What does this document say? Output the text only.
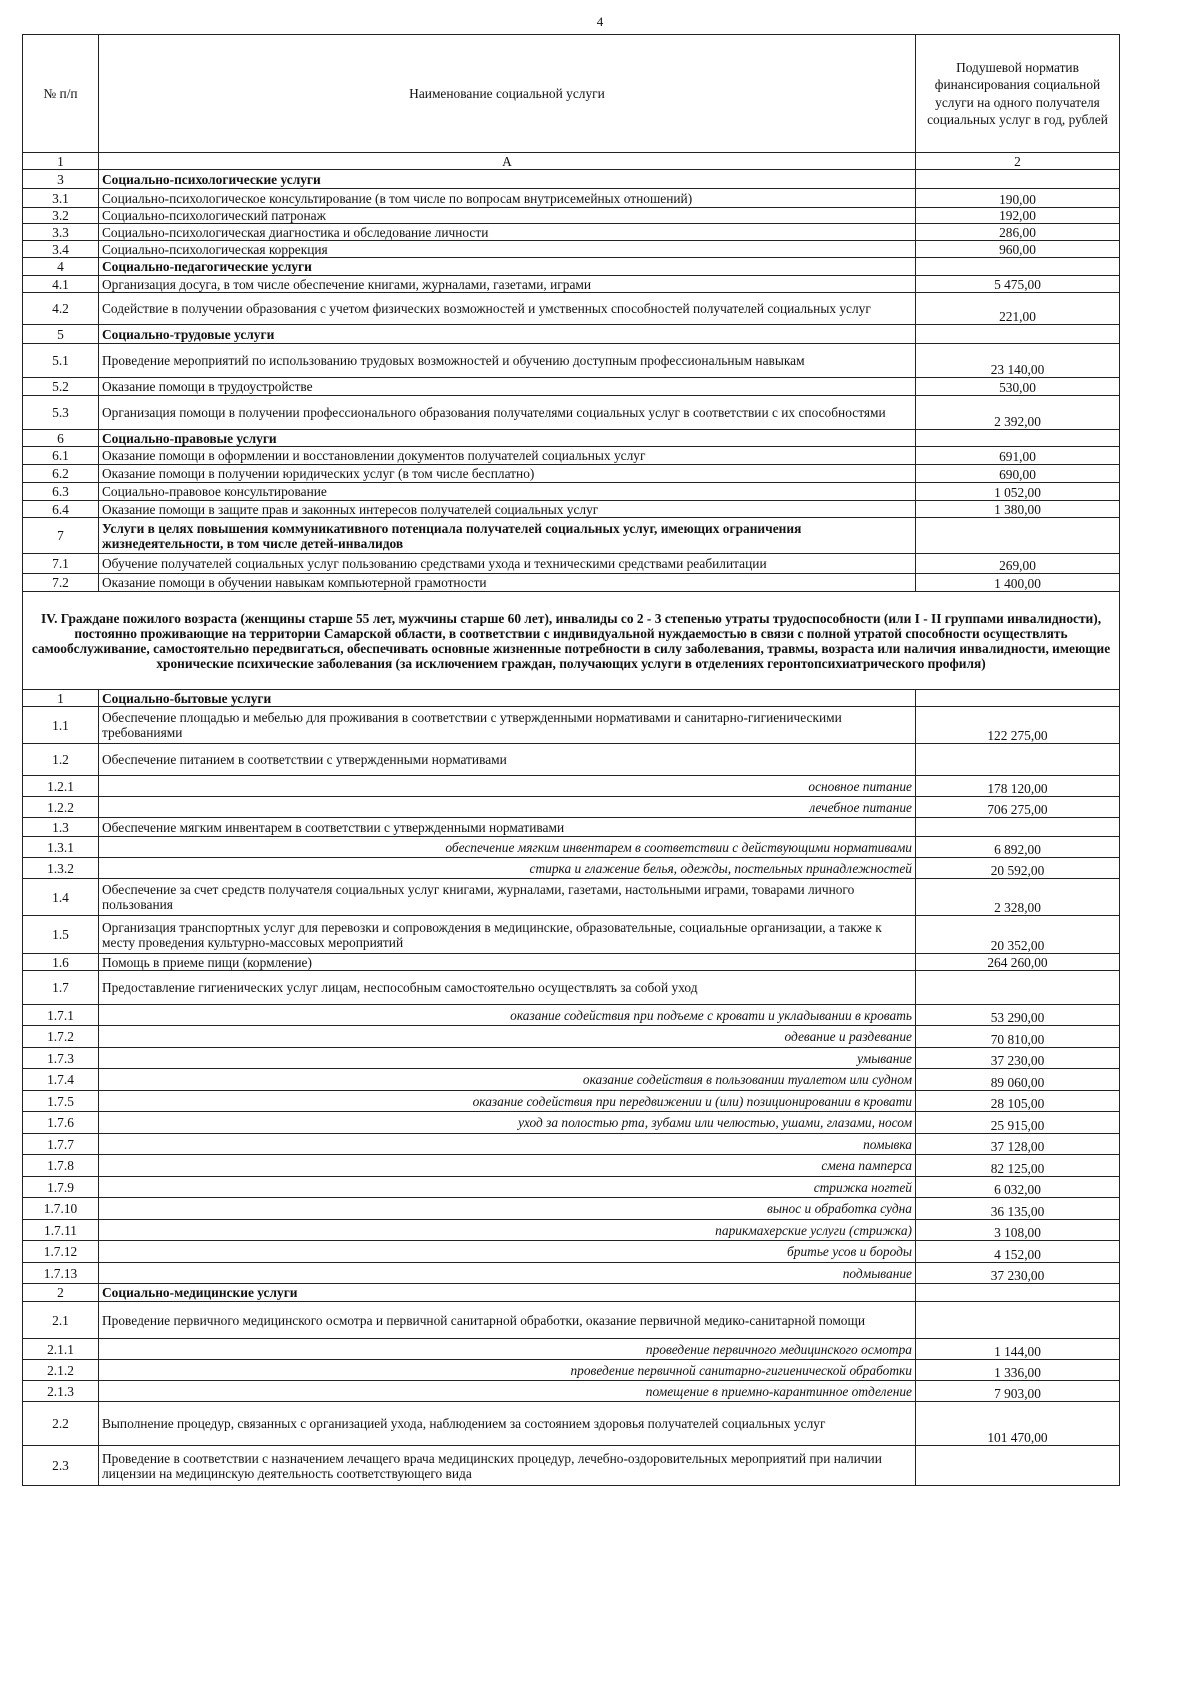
4
№ п/п	Наименование социальной услуги	Подушевой норматив финансирования социальной услуги на одного получателя социальных услуг в год, рублей
1	А	2
3	Социально-психологические услуги	
3.1	Социально-психологическое консультирование (в том числе по вопросам внутрисемейных отношений)	190,00
3.2	Социально-психологический патронаж	192,00
3.3	Социально-психологическая диагностика и обследование личности	286,00
3.4	Социально-психологическая коррекция	960,00
4	Социально-педагогические услуги	
4.1	Организация досуга, в том числе обеспечение книгами, журналами, газетами, играми	5 475,00
4.2	Содействие в получении образования с учетом физических возможностей и умственных способностей получателей социальных услуг	221,00
5	Социально-трудовые услуги	
5.1	Проведение мероприятий по использованию трудовых возможностей и обучению доступным профессиональным навыкам	23 140,00
5.2	Оказание помощи в трудоустройстве	530,00
5.3	Организация помощи в получении профессионального образования получателями социальных услуг в соответствии с их способностями	2 392,00
6	Социально-правовые услуги	
6.1	Оказание помощи в оформлении и восстановлении документов получателей социальных услуг	691,00
6.2	Оказание помощи в получении юридических услуг (в том числе бесплатно)	690,00
6.3	Социально-правовое консультирование	1 052,00
6.4	Оказание помощи в защите прав и законных интересов получателей социальных услуг	1 380,00
7	Услуги в целях повышения коммуникативного потенциала получателей социальных услуг, имеющих ограничения жизнедеятельности, в том числе детей-инвалидов	
7.1	Обучение получателей социальных услуг пользованию средствами ухода и техническими средствами реабилитации	269,00
7.2	Оказание помощи в обучении навыкам компьютерной грамотности	1 400,00
IV. Граждане пожилого возраста (женщины старше 55 лет, мужчины старше 60 лет), инвалиды со 2 - 3 степенью утраты трудоспособности (или I - II группами инвалидности), постоянно проживающие на территории Самарской области, в соответствии с индивидуальной нуждаемостью в связи с полной утратой способности осуществлять самообслуживание, самостоятельно передвигаться, обеспечивать основные жизненные потребности в силу заболевания, травмы, возраста или наличия инвалидности, имеющие хронические психические заболевания (за исключением граждан, получающих услуги в отделениях геронтопсихиатрического профиля)		
1	Социально-бытовые услуги	
1.1	Обеспечение площадью и мебелью для проживания в соответствии с утвержденными нормативами и санитарно-гигиеническими требованиями	122 275,00
1.2	Обеспечение питанием в соответствии с утвержденными нормативами	
1.2.1	основное питание	178 120,00
1.2.2	лечебное питание	706 275,00
1.3	Обеспечение мягким инвентарем в соответствии с утвержденными нормативами	
1.3.1	обеспечение мягким инвентарем в соответствии с действующими нормативами	6 892,00
1.3.2	стирка и глажение белья, одежды, постельных принадлежностей	20 592,00
1.4	Обеспечение за счет средств получателя социальных услуг книгами, журналами, газетами, настольными играми, товарами личного пользования	2 328,00
1.5	Организация транспортных услуг для перевозки и сопровождения в медицинские, образовательные, социальные организации, а также к месту проведения культурно-массовых мероприятий	20 352,00
1.6	Помощь в приеме пищи (кормление)	264 260,00
1.7	Предоставление гигиенических услуг лицам, неспособным самостоятельно осуществлять за собой уход	
1.7.1	оказание содействия при подъеме с кровати и укладывании в кровать	53 290,00
1.7.2	одевание и раздевание	70 810,00
1.7.3	умывание	37 230,00
1.7.4	оказание содействия в пользовании туалетом или судном	89 060,00
1.7.5	оказание содействия при передвижении и (или) позиционировании в кровати	28 105,00
1.7.6	уход за полостью рта, зубами или челюстью, ушами, глазами, носом	25 915,00
1.7.7	помывка	37 128,00
1.7.8	смена памперса	82 125,00
1.7.9	стрижка ногтей	6 032,00
1.7.10	вынос и обработка судна	36 135,00
1.7.11	парикмахерские услуги (стрижка)	3 108,00
1.7.12	бритье усов и бороды	4 152,00
1.7.13	подмывание	37 230,00
2	Социально-медицинские услуги	
2.1	Проведение первичного медицинского осмотра и первичной санитарной обработки, оказание первичной медико-санитарной помощи	
2.1.1	проведение первичного медицинского осмотра	1 144,00
2.1.2	проведение первичной санитарно-гигиенической обработки	1 336,00
2.1.3	помещение в приемно-карантинное отделение	7 903,00
2.2	Выполнение процедур, связанных с организацией ухода, наблюдением за состоянием здоровья получателей социальных услуг	101 470,00
2.3	Проведение в соответствии с назначением лечащего врача медицинских процедур, лечебно-оздоровительных мероприятий при наличии лицензии на медицинскую деятельность соответствующего вида	
